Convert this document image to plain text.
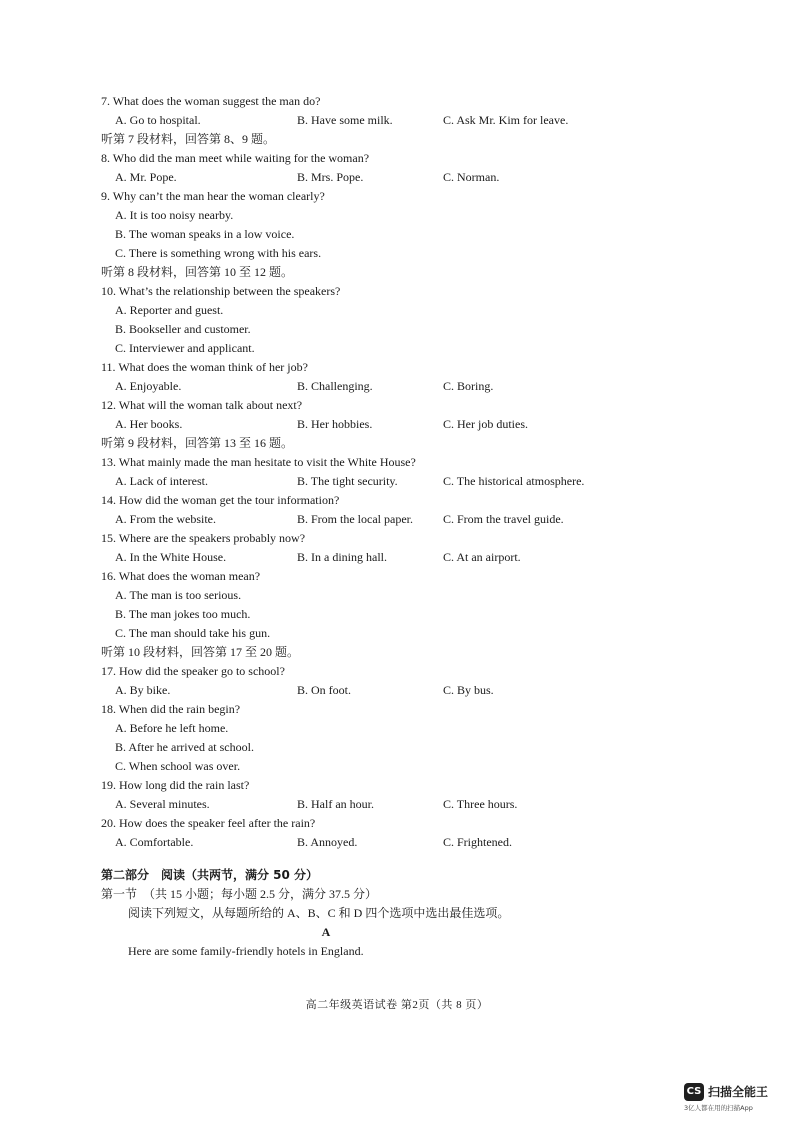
7. What does the woman suggest the man do?
A. Go to hospital.	B. Have some milk.	C. Ask Mr. Kim for leave.
听第 7 段材料，回答第 8、9 题。
8. Who did the man meet while waiting for the woman?
A. Mr. Pope.	B. Mrs. Pope.	C. Norman.
9. Why can’t the man hear the woman clearly?
A. It is too noisy nearby.
B. The woman speaks in a low voice.
C. There is something wrong with his ears.
听第 8 段材料，回答第 10 至 12 题。
10. What’s the relationship between the speakers?
A. Reporter and guest.
B. Bookseller and customer.
C. Interviewer and applicant.
11. What does the woman think of her job?
A. Enjoyable.	B. Challenging.	C. Boring.
12. What will the woman talk about next?
A. Her books.	B. Her hobbies.	C. Her job duties.
听第 9 段材料，回答第 13 至 16 题。
13. What mainly made the man hesitate to visit the White House?
A. Lack of interest.	B. The tight security.	C. The historical atmosphere.
14. How did the woman get the tour information?
A. From the website.	B. From the local paper.	C. From the travel guide.
15. Where are the speakers probably now?
A. In the White House.	B. In a dining hall.	C. At an airport.
16. What does the woman mean?
A. The man is too serious.
B. The man jokes too much.
C. The man should take his gun.
听第 10 段材料，回答第 17 至 20 题。
17. How did the speaker go to school?
A. By bike.	B. On foot.	C. By bus.
18. When did the rain begin?
A. Before he left home.
B. After he arrived at school.
C. When school was over.
19. How long did the rain last?
A. Several minutes.	B. Half an hour.	C. Three hours.
20. How does the speaker feel after the rain?
A. Comfortable.	B. Annoyed.	C. Frightened.
第二部分　阅读（共两节，满分 50 分）
第一节　（共 15 小题；每小题 2.5 分，满分 37.5 分）
阅读下列短文，从每题所给的 A、B、C 和 D 四个选项中选出最佳选项。
A
Here are some family-friendly hotels in England.
高二年级英语试卷 第2页（共 8 页）
CS 扫描全能王
3亿人都在用的扫描App
